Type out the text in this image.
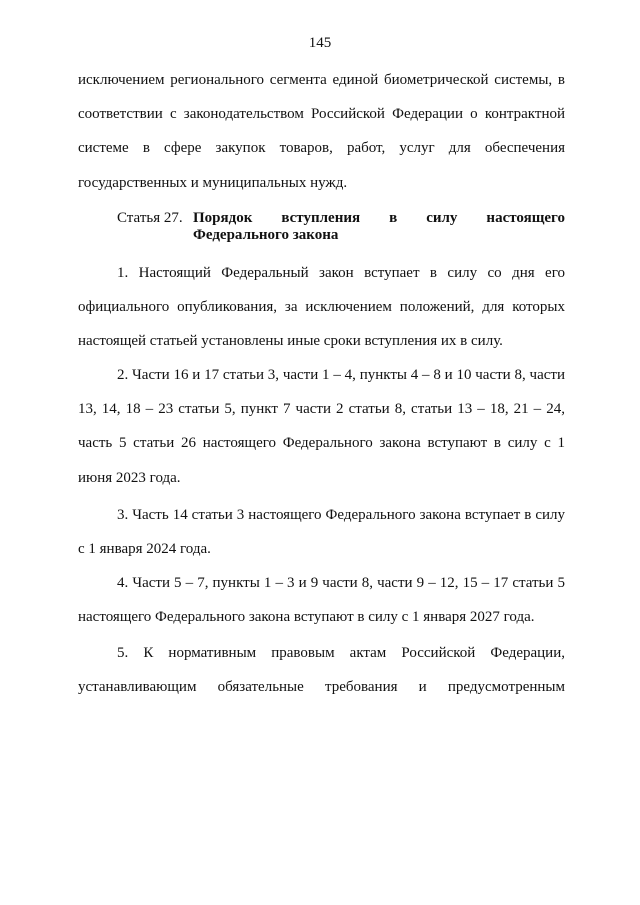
145

исключением регионального сегмента единой биометрической системы, в соответствии с законодательством Российской Федерации о контрактной системе в сфере закупок товаров, работ, услуг для обеспечения государственных и муниципальных нужд.

Статья 27. Порядок вступления в силу настоящего
Федерального закона

1. Настоящий Федеральный закон вступает в силу со дня его официального опубликования, за исключением положений, для которых настоящей статьей установлены иные сроки вступления их в силу.

2. Части 16 и 17 статьи 3, части 1 – 4, пункты 4 – 8 и 10 части 8, части 13, 14, 18 – 23 статьи 5, пункт 7 части 2 статьи 8, статьи 13 – 18, 21 – 24, часть 5 статьи 26 настоящего Федерального закона вступают в силу с 1 июня 2023 года.

3. Часть 14 статьи 3 настоящего Федерального закона вступает в силу с 1 января 2024 года.

4. Части 5 – 7, пункты 1 – 3 и 9 части 8, части 9 – 12, 15 – 17 статьи 5 настоящего Федерального закона вступают в силу с 1 января 2027 года.

5. К нормативным правовым актам Российской Федерации, устанавливающим обязательные требования и предусмотренным
